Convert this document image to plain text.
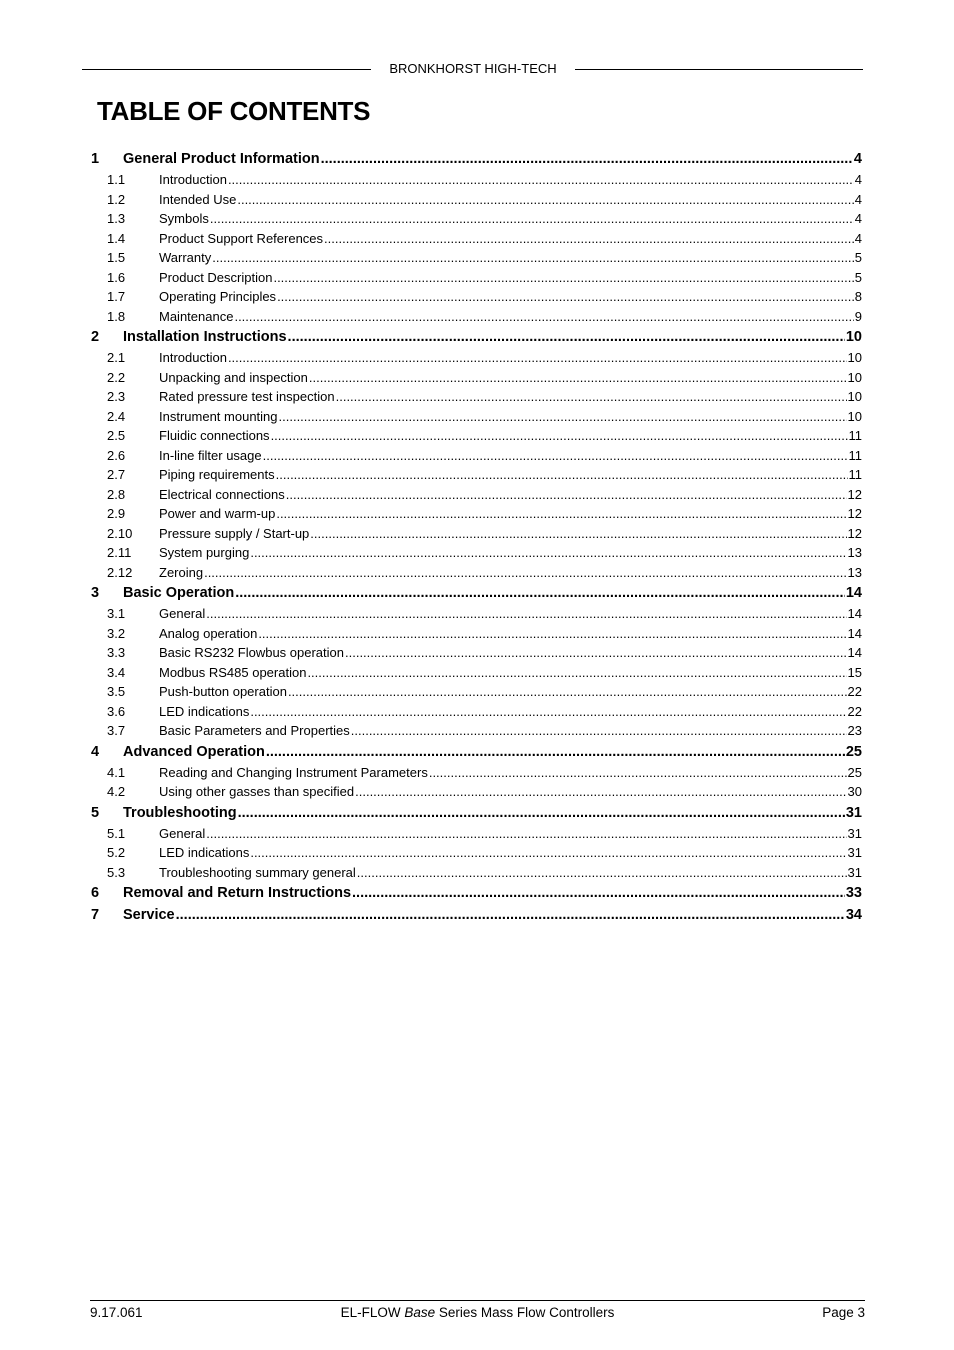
BRONKHORST HIGH-TECH
TABLE OF CONTENTS
1	General Product Information .....	4
1.1	Introduction .....	4
1.2	Intended Use .....	4
1.3	Symbols .....	4
1.4	Product Support References .....	4
1.5	Warranty .....	5
1.6	Product Description .....	5
1.7	Operating Principles .....	8
1.8	Maintenance .....	9
2	Installation Instructions .....	10
2.1	Introduction .....	10
2.2	Unpacking and inspection .....	10
2.3	Rated pressure test inspection .....	10
2.4	Instrument mounting .....	10
2.5	Fluidic connections .....	11
2.6	In-line filter usage .....	11
2.7	Piping requirements .....	11
2.8	Electrical connections .....	12
2.9	Power and warm-up .....	12
2.10	Pressure supply / Start-up .....	12
2.11	System purging .....	13
2.12	Zeroing .....	13
3	Basic Operation .....	14
3.1	General .....	14
3.2	Analog operation .....	14
3.3	Basic RS232 Flowbus operation .....	14
3.4	Modbus RS485 operation .....	15
3.5	Push-button operation .....	22
3.6	LED indications .....	22
3.7	Basic Parameters and Properties .....	23
4	Advanced Operation .....	25
4.1	Reading and Changing Instrument Parameters .....	25
4.2	Using other gasses than specified .....	30
5	Troubleshooting .....	31
5.1	General .....	31
5.2	LED indications .....	31
5.3	Troubleshooting summary general .....	31
6	Removal and Return Instructions .....	33
7	Service .....	34
9.17.061	EL-FLOW Base Series Mass Flow Controllers	Page 3
